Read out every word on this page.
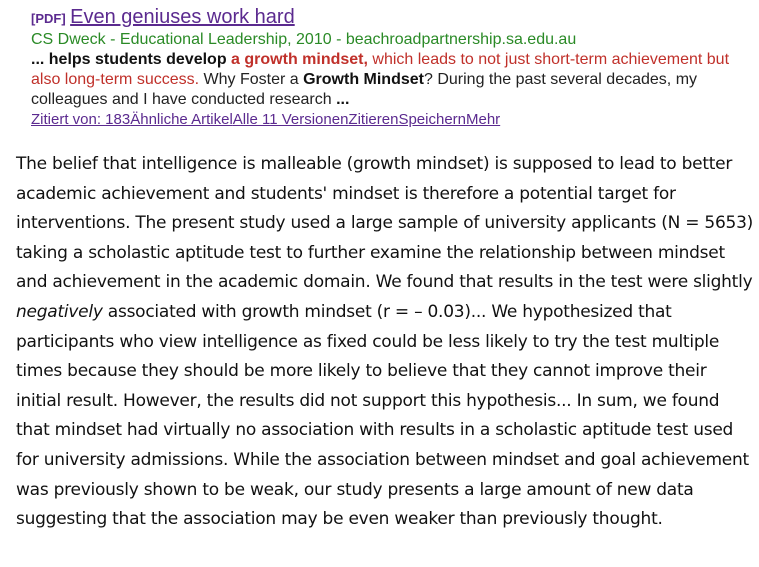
[PDF] Even geniuses work hard
CS Dweck - Educational Leadership, 2010 - beachroadpartnership.sa.edu.au
... helps students develop a growth mindset, which leads to not just short-term achievement but also long-term success. Why Foster a Growth Mindset? During the past several decades, my colleagues and I have conducted research ...
Zitiert von: 183Ähnliche ArtikelAlle 11 VersionenZitierenSpeichernMehr

The belief that intelligence is malleable (growth mindset) is supposed to lead to better academic achievement and students' mindset is therefore a potential target for interventions. The present study used a large sample of university applicants (N = 5653) taking a scholastic aptitude test to further examine the relationship between mindset and achievement in the academic domain. We found that results in the test were slightly negatively associated with growth mindset (r = – 0.03)... We hypothesized that participants who view intelligence as fixed could be less likely to try the test multiple times because they should be more likely to believe that they cannot improve their initial result. However, the results did not support this hypothesis... In sum, we found that mindset had virtually no association with results in a scholastic aptitude test used for university admissions. While the association between mindset and goal achievement was previously shown to be weak, our study presents a large amount of new data suggesting that the association may be even weaker than previously thought.
